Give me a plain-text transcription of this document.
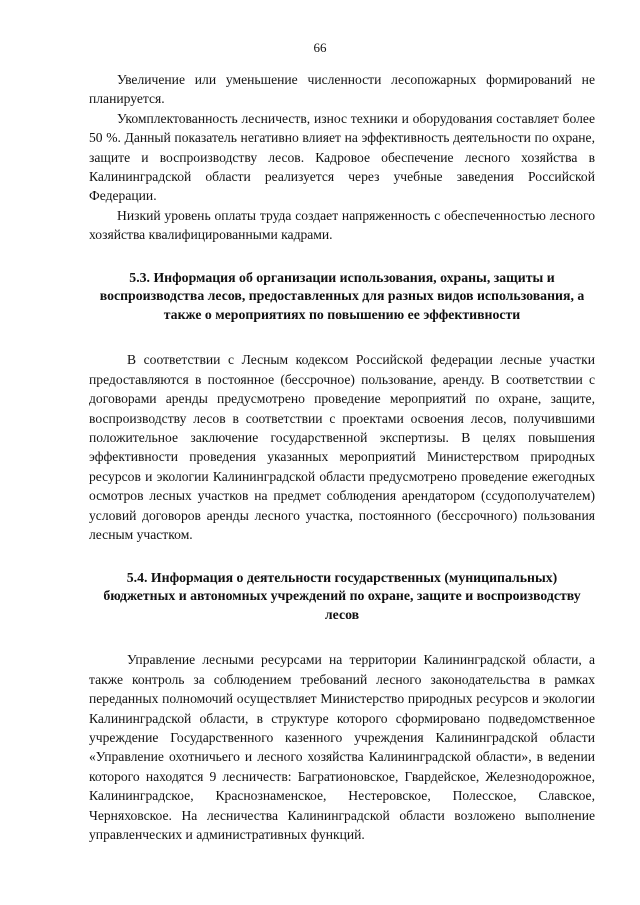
66

Увеличение или уменьшение численности лесопожарных формирований не планируется.

Укомплектованность лесничеств, износ техники и оборудования составляет более 50 %. Данный показатель негативно влияет на эффективность деятельности по охране, защите и воспроизводству лесов. Кадровое обеспечение лесного хозяйства в Калининградской области реализуется через учебные заведения Российской Федерации.

Низкий уровень оплаты труда создает напряженность с обеспеченностью лесного хозяйства квалифицированными кадрами.

5.3. Информация об организации использования, охраны, защиты и воспроизводства лесов, предоставленных для разных видов использования, а также о мероприятиях по повышению ее эффективности

В соответствии с Лесным кодексом Российской федерации лесные участки предоставляются в постоянное (бессрочное) пользование, аренду. В соответствии с договорами аренды предусмотрено проведение мероприятий по охране, защите, воспроизводству лесов в соответствии с проектами освоения лесов, получившими положительное заключение государственной экспертизы. В целях повышения эффективности проведения указанных мероприятий Министерством природных ресурсов и экологии Калининградской области предусмотрено проведение ежегодных осмотров лесных участков на предмет соблюдения арендатором (ссудополучателем) условий договоров аренды лесного участка, постоянного (бессрочного) пользования лесным участком.

5.4. Информация о деятельности государственных (муниципальных) бюджетных и автономных учреждений по охране, защите и воспроизводству лесов

Управление лесными ресурсами на территории Калининградской области, а также контроль за соблюдением требований лесного законодательства в рамках переданных полномочий осуществляет Министерство природных ресурсов и экологии Калининградской области, в структуре которого сформировано подведомственное учреждение Государственного казенного учреждения Калининградской области «Управление охотничьего и лесного хозяйства Калининградской области», в ведении которого находятся 9 лесничеств: Багратионовское, Гвардейское, Железнодорожное, Калининградское, Краснознаменское, Нестеровское, Полесское, Славское, Черняховское. На лесничества Калининградской области возложено выполнение управленческих и административных функций.
